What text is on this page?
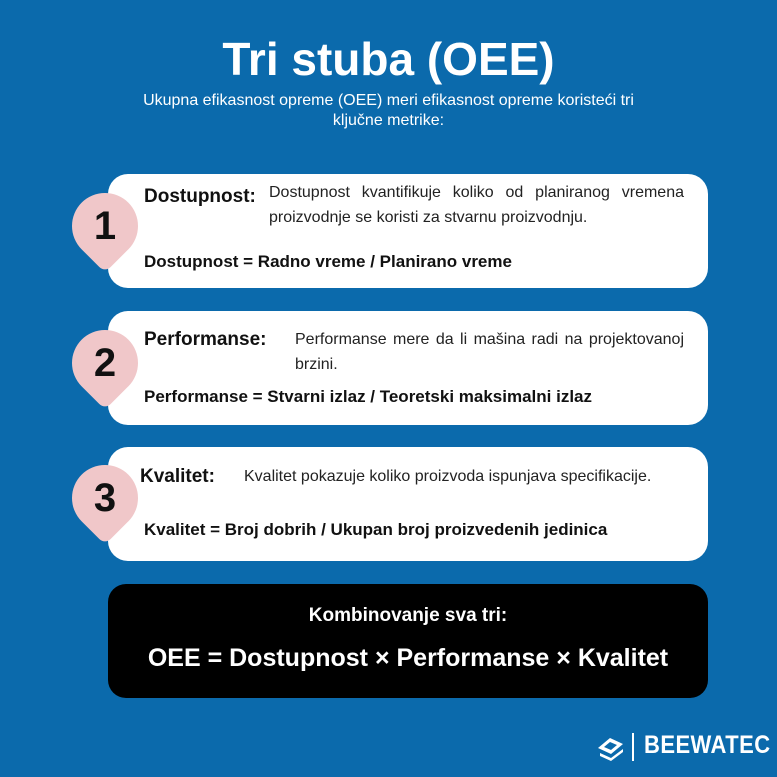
Tri stuba (OEE)
Ukupna efikasnost opreme (OEE) meri efikasnost opreme koristeći tri ključne metrike:
Dostupnost: Dostupnost kvantifikuje koliko od planiranog vremena proizvodnje se koristi za stvarnu proizvodnju.
Dostupnost = Radno vreme / Planirano vreme
1
Performanse: Performanse mere da li mašina radi na projektovanoj brzini.
Performanse = Stvarni izlaz / Teoretski maksimalni izlaz
2
Kvalitet: Kvalitet pokazuje koliko proizvoda ispunjava specifikacije.
Kvalitet = Broj dobrih / Ukupan broj proizvedenih jedinica
3
Kombinovanje sva tri:
OEE = Dostupnost × Performanse × Kvalitet
BEEWATEC
